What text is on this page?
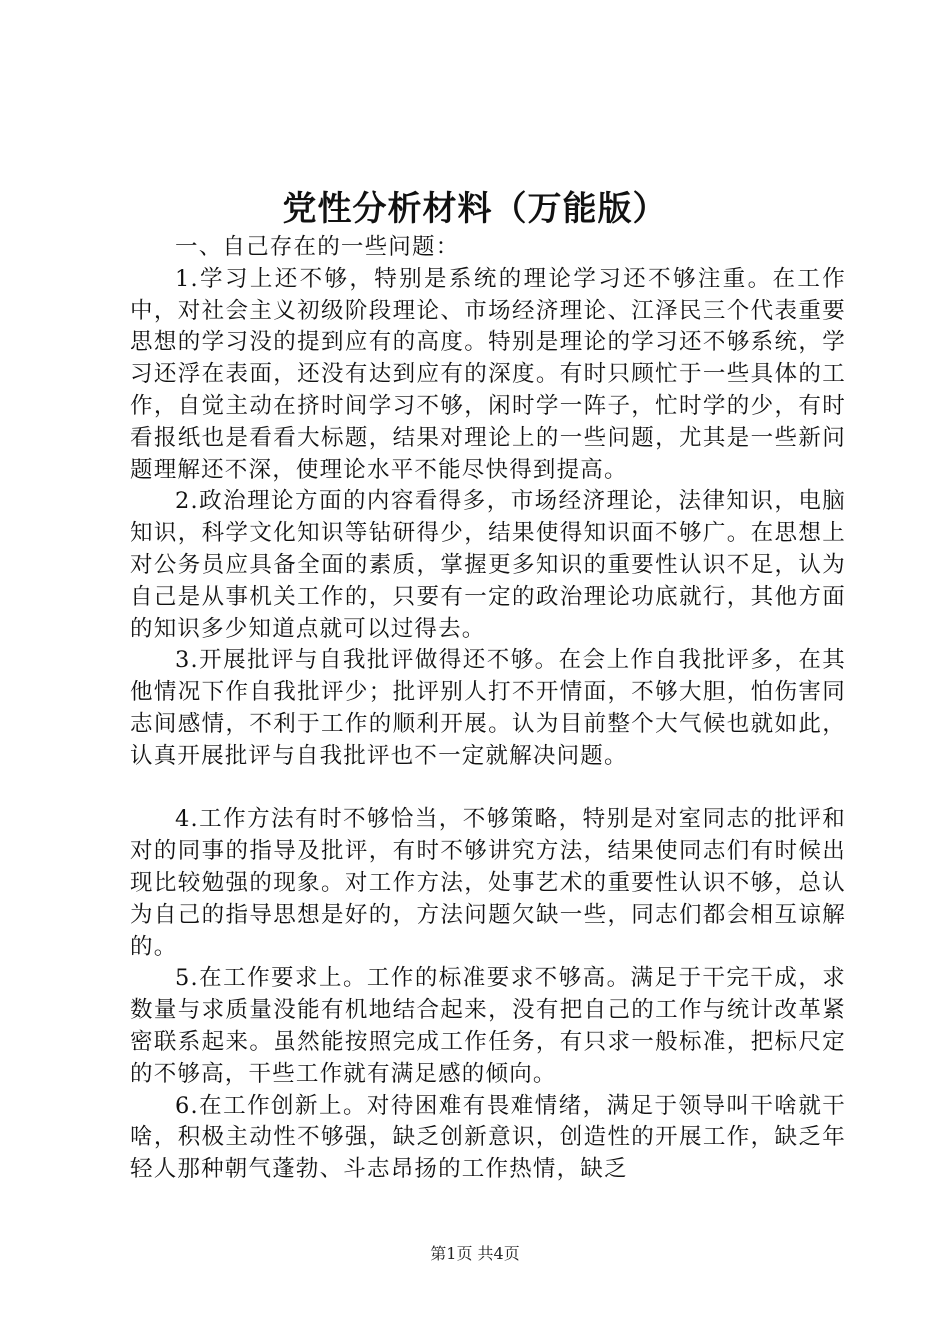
党性分析材料（万能版）

一、自己存在的一些问题：

1.学习上还不够，特别是系统的理论学习还不够注重。在工作中，对社会主义初级阶段理论、市场经济理论、江泽民三个代表重要思想的学习没的提到应有的高度。特别是理论的学习还不够系统，学习还浮在表面，还没有达到应有的深度。有时只顾忙于一些具体的工作，自觉主动在挤时间学习不够，闲时学一阵子，忙时学的少，有时看报纸也是看看大标题，结果对理论上的一些问题，尤其是一些新问题理解还不深，使理论水平不能尽快得到提高。

2.政治理论方面的内容看得多，市场经济理论，法律知识，电脑知识，科学文化知识等钻研得少，结果使得知识面不够广。在思想上对公务员应具备全面的素质，掌握更多知识的重要性认识不足，认为自己是从事机关工作的，只要有一定的政治理论功底就行，其他方面的知识多少知道点就可以过得去。

3.开展批评与自我批评做得还不够。在会上作自我批评多，在其他情况下作自我批评少；批评别人打不开情面，不够大胆，怕伤害同志间感情，不利于工作的顺利开展。认为目前整个大气候也就如此，认真开展批评与自我批评也不一定就解决问题。

4.工作方法有时不够恰当，不够策略，特别是对室同志的批评和对的同事的指导及批评，有时不够讲究方法，结果使同志们有时候出现比较勉强的现象。对工作方法，处事艺术的重要性认识不够，总认为自己的指导思想是好的，方法问题欠缺一些，同志们都会相互谅解的。

5.在工作要求上。工作的标准要求不够高。满足于干完干成，求数量与求质量没能有机地结合起来，没有把自己的工作与统计改革紧密联系起来。虽然能按照完成工作任务，有只求一般标准，把标尺定的不够高，干些工作就有满足感的倾向。

6.在工作创新上。对待困难有畏难情绪，满足于领导叫干啥就干啥，积极主动性不够强，缺乏创新意识，创造性的开展工作，缺乏年轻人那种朝气蓬勃、斗志昂扬的工作热情，缺乏

第1页 共4页
